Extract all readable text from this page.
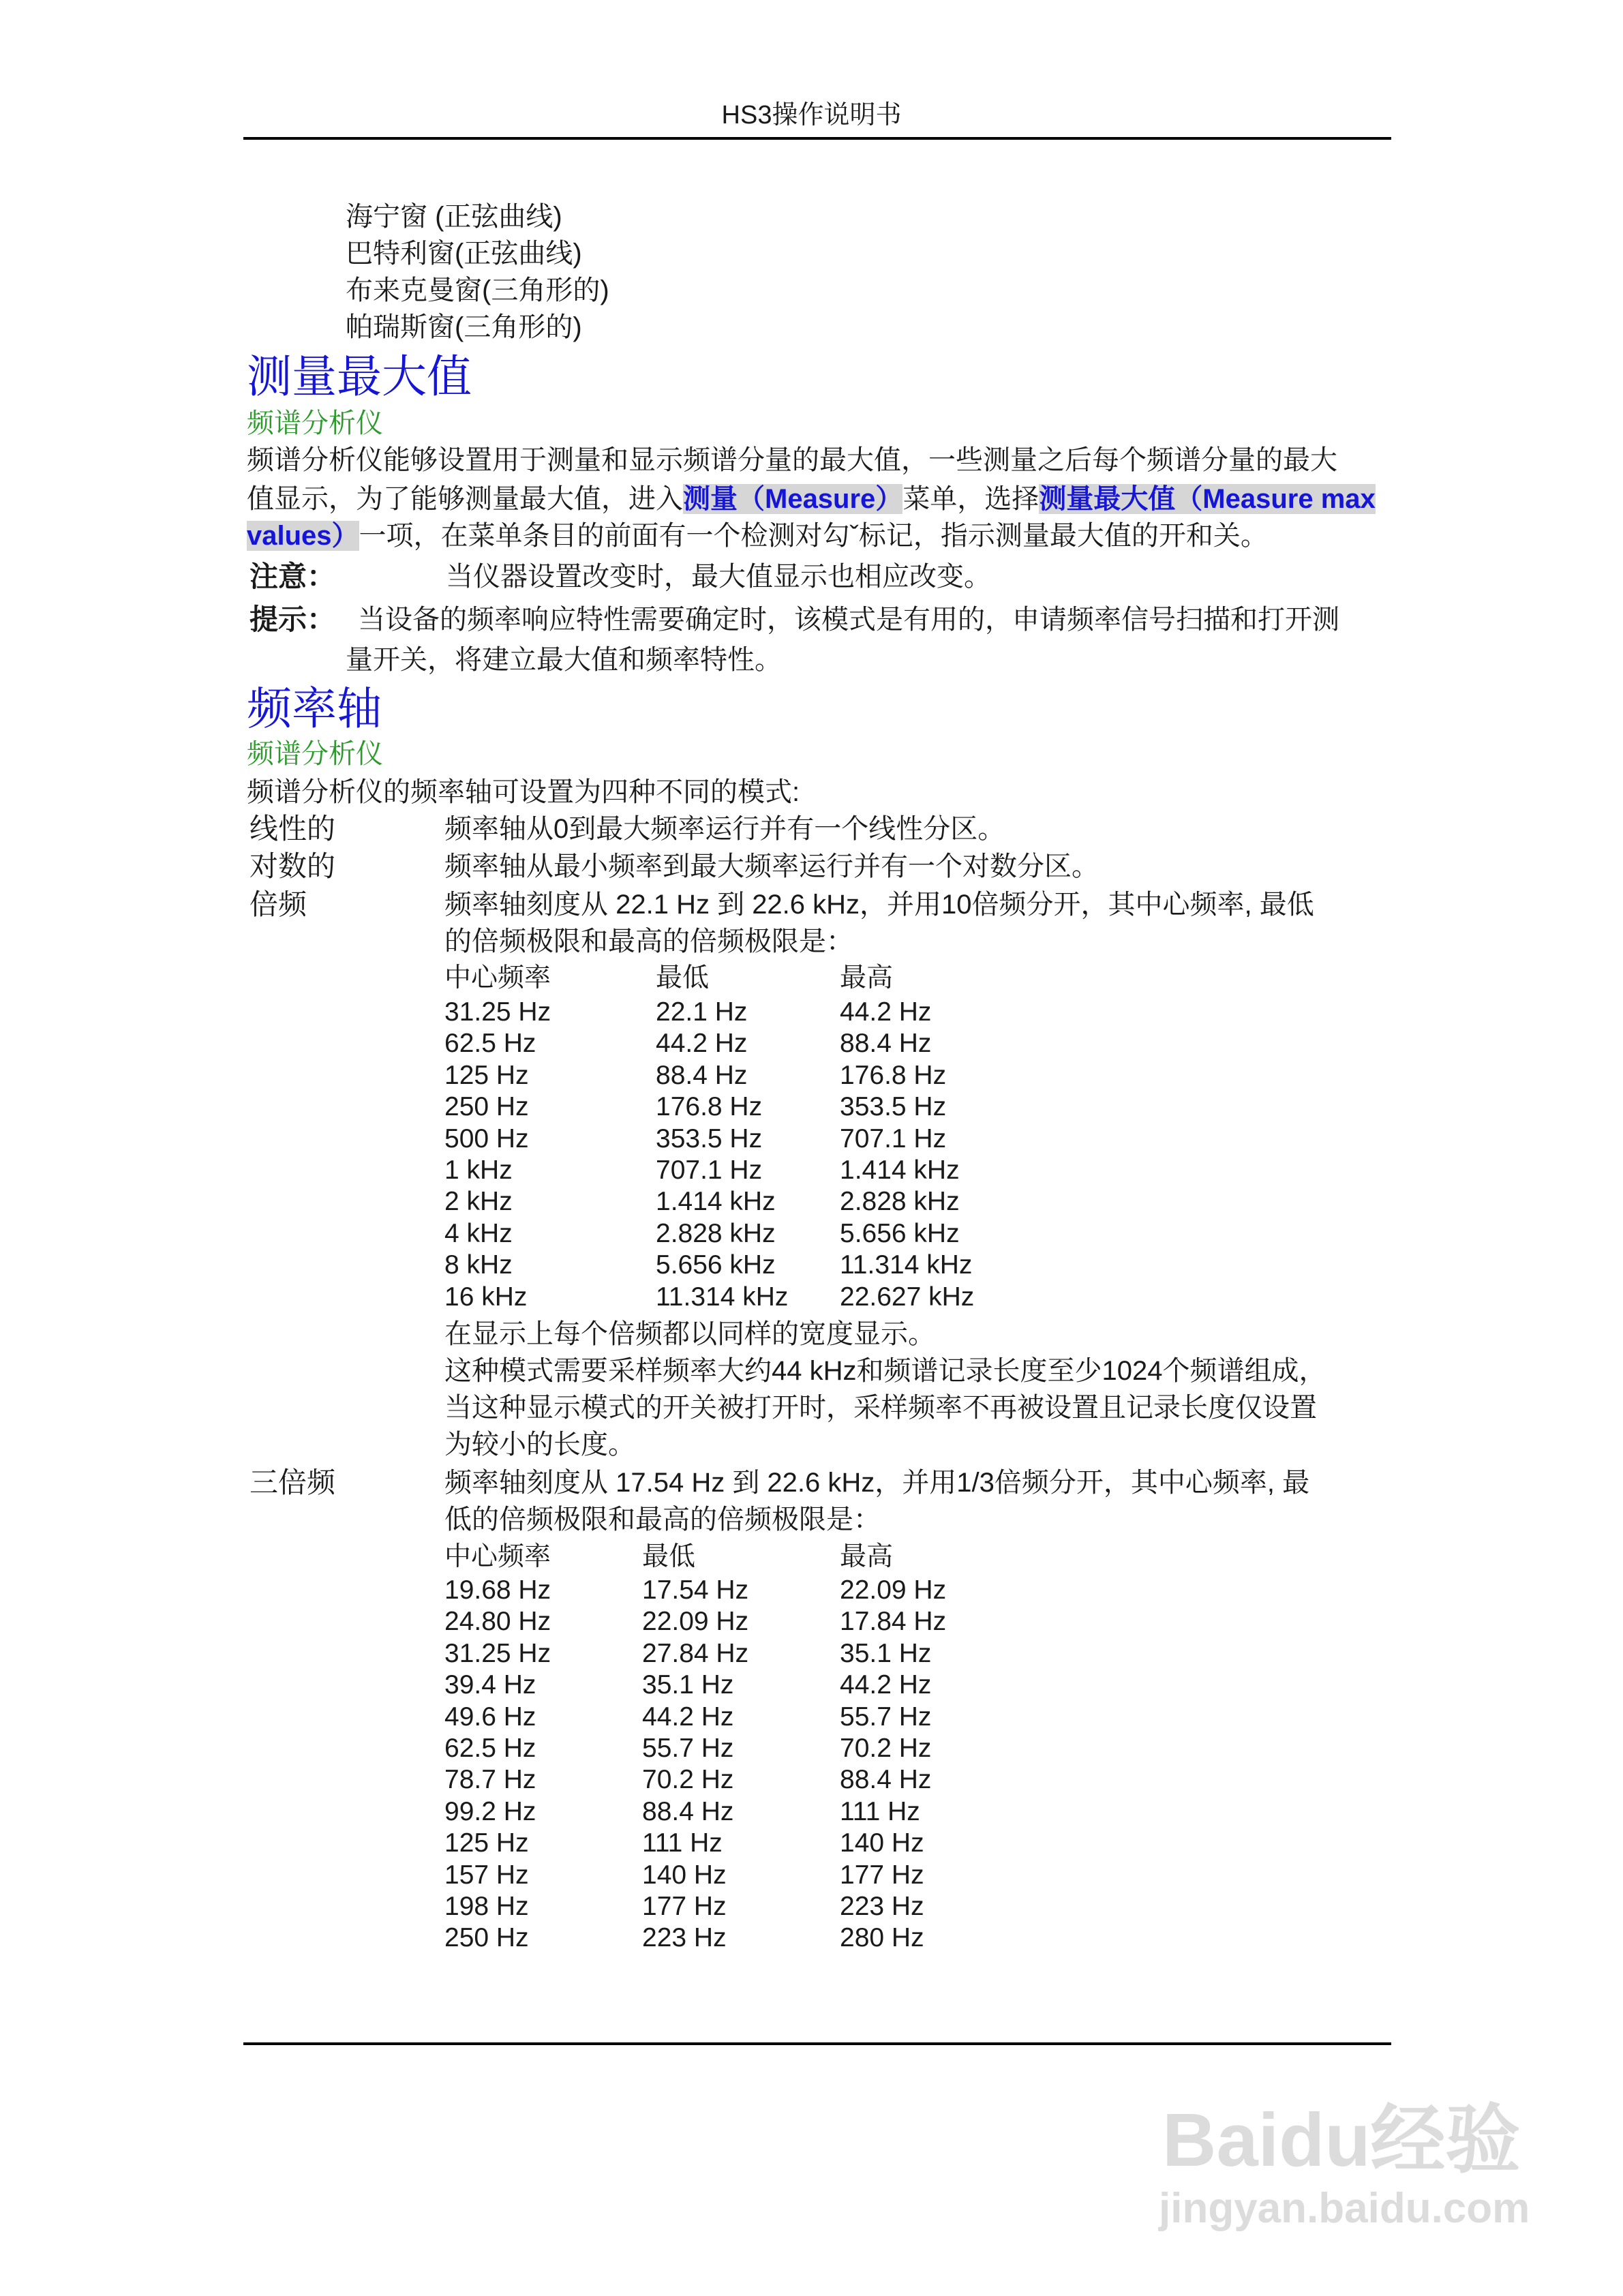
HS3操作说明书
海宁窗 (正弦曲线)
巴特利窗(正弦曲线)
布来克曼窗(三角形的)
帕瑞斯窗(三角形的)
测量最大值
频谱分析仪
频谱分析仪能够设置用于测量和显示频谱分量的最大值，一些测量之后每个频谱分量的最大
值显示，为了能够测量最大值，进入测量（Measure）菜单，选择测量最大值（Measure max
values）一项，在菜单条目的前面有一个检测对勾ˇ标记，指示测量最大值的开和关。
注意：	当仪器设置改变时，最大值显示也相应改变。
提示： 当设备的频率响应特性需要确定时，该模式是有用的，申请频率信号扫描和打开测
量开关，将建立最大值和频率特性。
频率轴
频谱分析仪
频谱分析仪的频率轴可设置为四种不同的模式:
线性的	频率轴从0到最大频率运行并有一个线性分区。
对数的	频率轴从最小频率到最大频率运行并有一个对数分区。
倍频	频率轴刻度从 22.1 Hz 到 22.6 kHz，并用10倍频分开，其中心频率, 最低
的倍频极限和最高的倍频极限是：
中心频率	最低	最高
31.25 Hz	22.1 Hz	44.2 Hz
62.5 Hz	44.2 Hz	88.4 Hz
125 Hz	88.4 Hz	176.8 Hz
250 Hz	176.8 Hz	353.5 Hz
500 Hz	353.5 Hz	707.1 Hz
1 kHz	707.1 Hz	1.414 kHz
2 kHz	1.414 kHz 2.828 kHz
4 kHz	2.828 kHz 5.656 kHz
8 kHz	5.656 kHz 11.314 kHz
16 kHz	11.314 kHz 22.627 kHz
在显示上每个倍频都以同样的宽度显示。
这种模式需要采样频率大约44 kHz和频谱记录长度至少1024个频谱组成，
当这种显示模式的开关被打开时，采样频率不再被设置且记录长度仅设置
为较小的长度。
三倍频	频率轴刻度从 17.54 Hz 到 22.6 kHz，并用1/3倍频分开，其中心频率, 最
低的倍频极限和最高的倍频极限是：
中心频率	最低	最高
19.68 Hz	17.54 Hz	22.09 Hz
24.80 Hz	22.09 Hz	17.84 Hz
31.25 Hz	27.84 Hz	35.1 Hz
39.4 Hz	35.1 Hz	44.2 Hz
49.6 Hz	44.2 Hz	55.7 Hz
62.5 Hz	55.7 Hz	70.2 Hz
78.7 Hz	70.2 Hz	88.4 Hz
99.2 Hz	88.4 Hz	111 Hz
125 Hz	111 Hz	140 Hz
157 Hz	140 Hz	177 Hz
198 Hz	177 Hz	223 Hz
250 Hz	223 Hz	280 Hz
Baidu经验
jingyan.baidu.com
